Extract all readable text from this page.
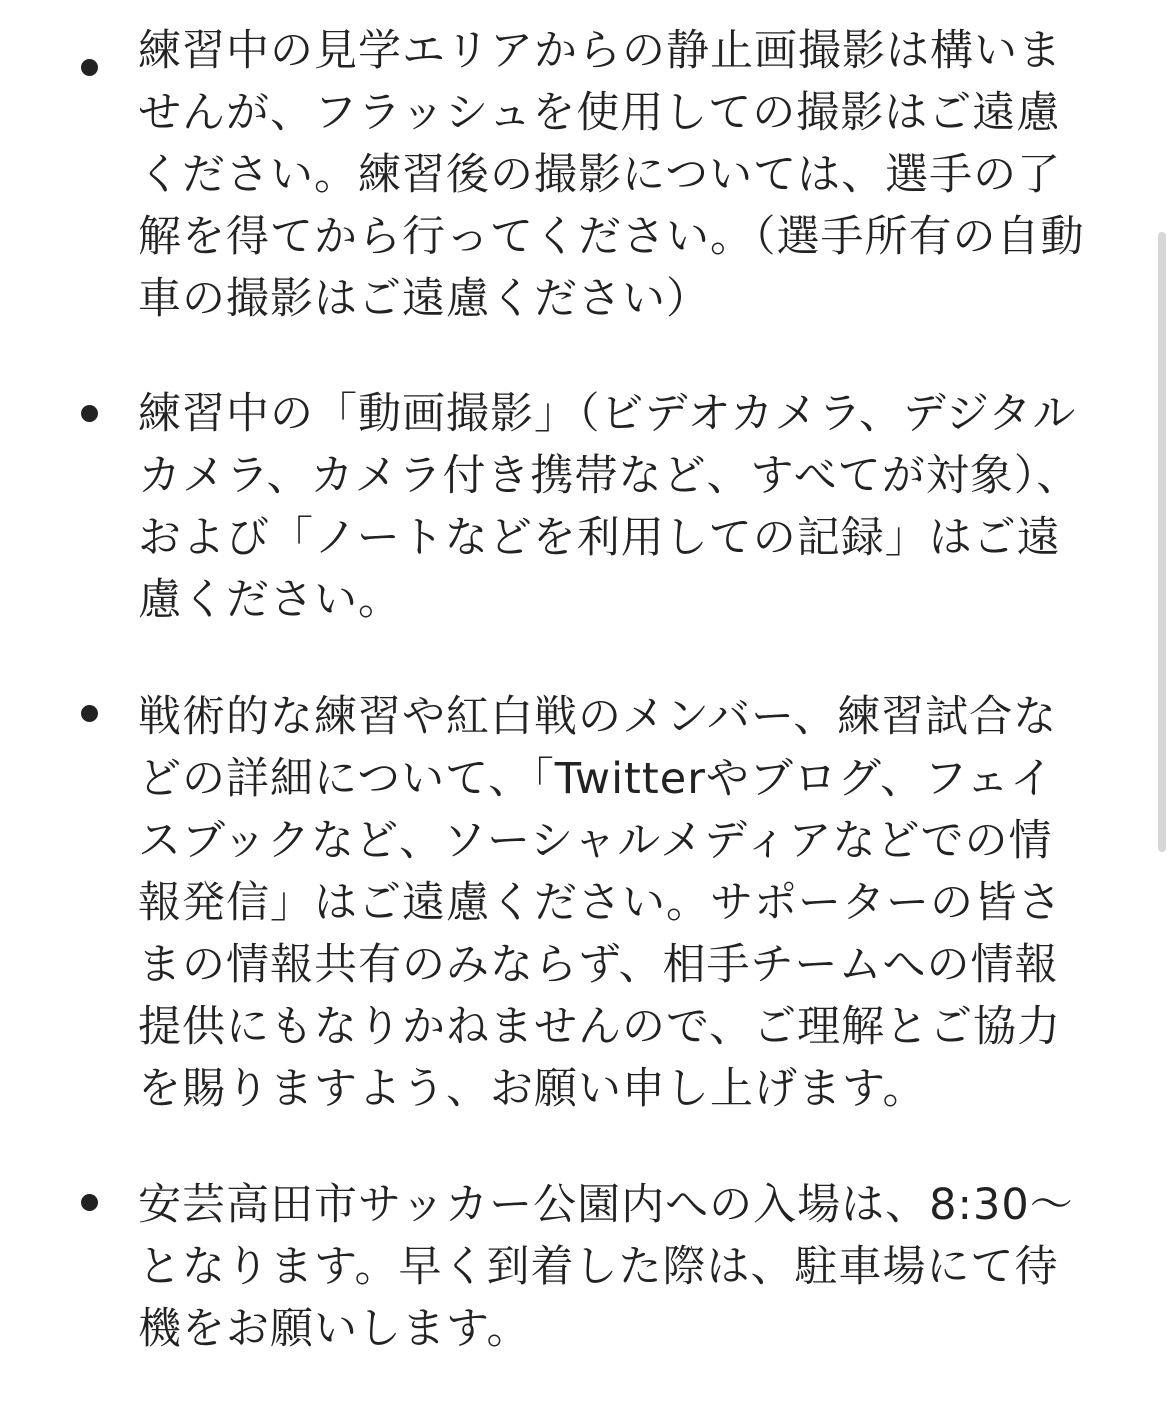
練習中の見学エリアからの静止画撮影は構いませんが、フラッシュを使用しての撮影はご遠慮ください。練習後の撮影については、選手の了解を得てから行ってください。（選手所有の自動車の撮影はご遠慮ください）

練習中の「動画撮影」（ビデオカメラ、デジタルカメラ、カメラ付き携帯など、すべてが対象）、および「ノートなどを利用しての記録」はご遠慮ください。

戦術的な練習や紅白戦のメンバー、練習試合などの詳細について、「Twitterやブログ、フェイスブックなど、ソーシャルメディアなどでの情報発信」はご遠慮ください。サポーターの皆さまの情報共有のみならず、相手チームへの情報提供にもなりかねませんので、ご理解とご協力を賜りますよう、お願い申し上げます。

安芸高田市サッカー公園内への入場は、8:30〜となります。早く到着した際は、駐車場にて待機をお願いします。
